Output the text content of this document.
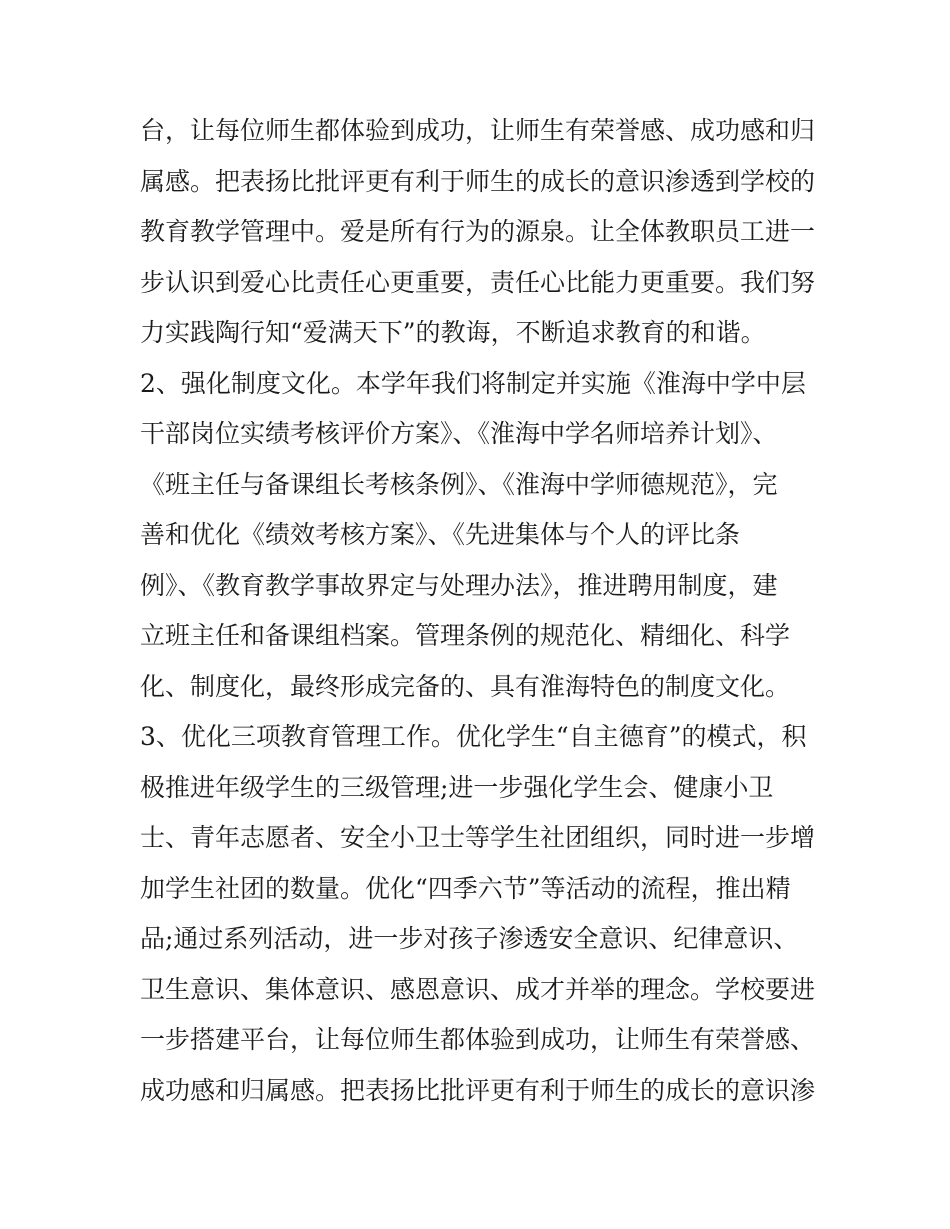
台，让每位师生都体验到成功，让师生有荣誉感、成功感和归
属感。把表扬比批评更有利于师生的成长的意识渗透到学校的
教育教学管理中。爱是所有行为的源泉。让全体教职员工进一
步认识到爱心比责任心更重要，责任心比能力更重要。我们努
力实践陶行知“爱满天下”的教诲，不断追求教育的和谐。
2、强化制度文化。本学年我们将制定并实施《淮海中学中层
干部岗位实绩考核评价方案》、《淮海中学名师培养计划》、
《班主任与备课组长考核条例》、《淮海中学师德规范》，完
善和优化《绩效考核方案》、《先进集体与个人的评比条
例》、《教育教学事故界定与处理办法》，推进聘用制度，建
立班主任和备课组档案。管理条例的规范化、精细化、科学
化、制度化，最终形成完备的、具有淮海特色的制度文化。
3、优化三项教育管理工作。优化学生“自主德育”的模式，积
极推进年级学生的三级管理;进一步强化学生会、健康小卫
士、青年志愿者、安全小卫士等学生社团组织，同时进一步增
加学生社团的数量。优化“四季六节”等活动的流程，推出精
品;通过系列活动，进一步对孩子渗透安全意识、纪律意识、
卫生意识、集体意识、感恩意识、成才并举的理念。学校要进
一步搭建平台，让每位师生都体验到成功，让师生有荣誉感、
成功感和归属感。把表扬比批评更有利于师生的成长的意识渗
